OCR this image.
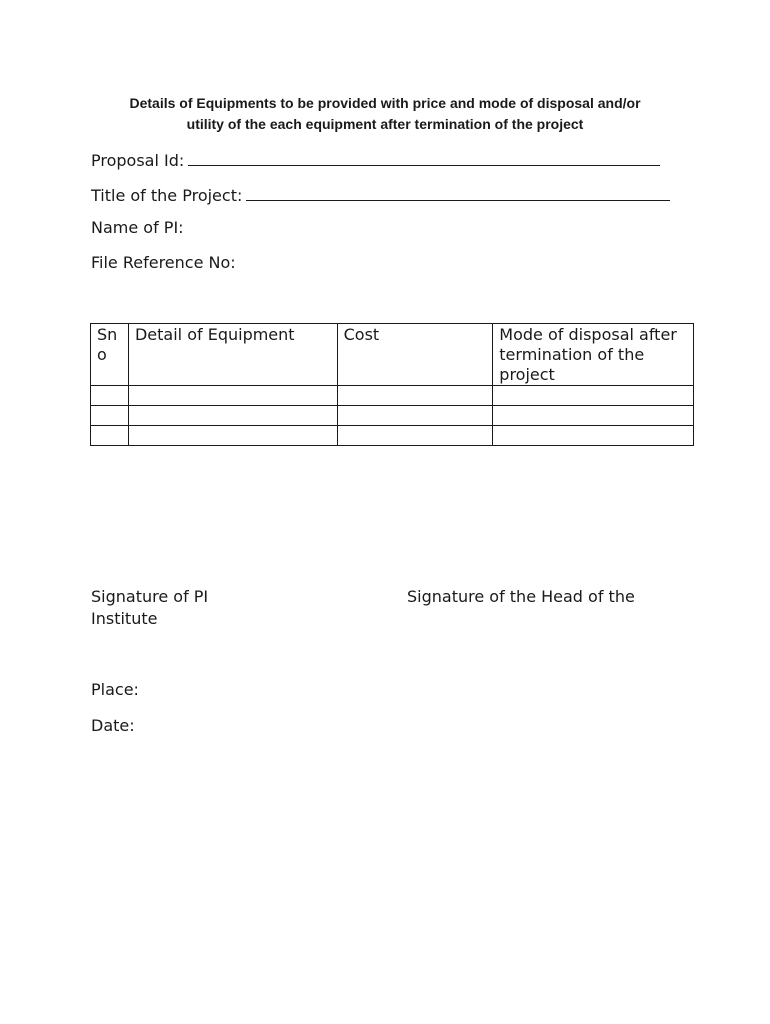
Details of Equipments to be provided with price and mode of disposal and/or
utility of the each equipment after termination of the project
Proposal Id:
Title of the Project:
Name of PI:
File Reference No:
Sn o	Detail of Equipment	Cost	Mode of disposal after termination of the project

Signature of PI
Institute
Signature of the Head of the
Place:
Date:
